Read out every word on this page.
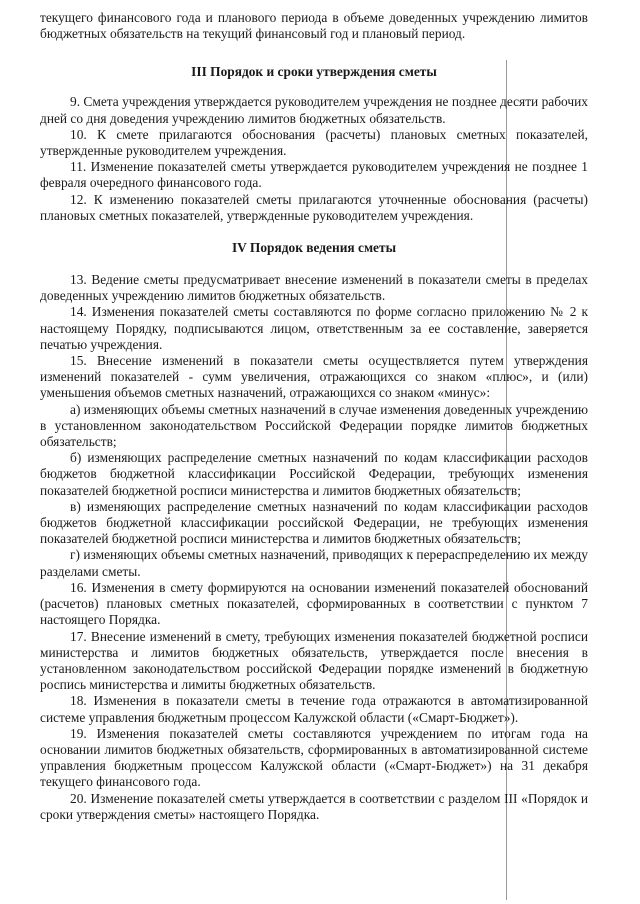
текущего финансового года и планового периода в объеме доведенных учреждению лимитов бюджетных обязательств на текущий финансовый год и плановый период.

III Порядок и сроки утверждения сметы

9. Смета учреждения утверждается руководителем учреждения не позднее десяти рабочих дней со дня доведения учреждению лимитов бюджетных обязательств.

10. К смете прилагаются обоснования (расчеты) плановых сметных показателей, утвержденные руководителем учреждения.

11. Изменение показателей сметы утверждается руководителем учреждения не позднее 1 февраля очередного финансового года.

12. К изменению показателей сметы прилагаются уточненные обоснования (расчеты) плановых сметных показателей, утвержденные руководителем учреждения.

IV Порядок ведения сметы

13. Ведение сметы предусматривает внесение изменений в показатели сметы в пределах доведенных учреждению лимитов бюджетных обязательств.

14. Изменения показателей сметы составляются по форме согласно приложению № 2 к настоящему Порядку, подписываются лицом, ответственным за ее составление, заверяется печатью учреждения.

15. Внесение изменений в показатели сметы осуществляется путем утверждения изменений показателей - сумм увеличения, отражающихся со знаком «плюс», и (или) уменьшения объемов сметных назначений, отражающихся со знаком «минус»:

а) изменяющих объемы сметных назначений в случае изменения доведенных учреждению в установленном законодательством Российской Федерации порядке лимитов бюджетных обязательств;

б) изменяющих распределение сметных назначений по кодам классификации расходов бюджетов бюджетной классификации Российской Федерации, требующих изменения показателей бюджетной росписи министерства и лимитов бюджетных обязательств;

в) изменяющих распределение сметных назначений по кодам классификации расходов бюджетов бюджетной классификации российской Федерации, не требующих изменения показателей бюджетной росписи министерства и лимитов бюджетных обязательств;

г) изменяющих объемы сметных назначений, приводящих к перераспределению их между разделами сметы.

16. Изменения в смету формируются на основании изменений показателей обоснований (расчетов) плановых сметных показателей, сформированных в соответствии с пунктом 7 настоящего Порядка.

17. Внесение изменений в смету, требующих изменения показателей бюджетной росписи министерства и лимитов бюджетных обязательств, утверждается после внесения в установленном законодательством российской Федерации порядке изменений в бюджетную роспись министерства и лимиты бюджетных обязательств.

18. Изменения в показатели сметы в течение года отражаются в автоматизированной системе управления бюджетным процессом Калужской области («Смарт-Бюджет»).

19. Изменения показателей сметы составляются учреждением по итогам года на основании лимитов бюджетных обязательств, сформированных в автоматизированной системе управления бюджетным процессом Калужской области («Смарт-Бюджет») на 31 декабря текущего финансового года.

20. Изменение показателей сметы утверждается в соответствии с разделом III «Порядок и сроки утверждения сметы» настоящего Порядка.
